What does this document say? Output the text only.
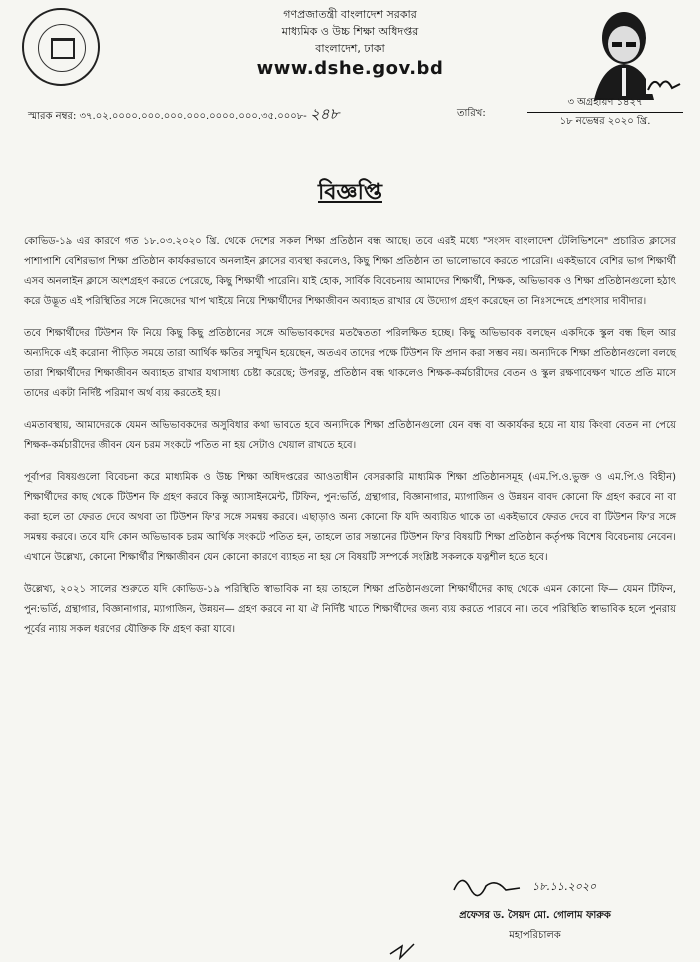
গণপ্রজাতন্ত্রী বাংলাদেশ সরকার
মাধ্যমিক ও উচ্চ শিক্ষা অধিদপ্তর
বাংলাদেশ, ঢাকা
www.dshe.gov.bd
স্মারক নম্বর: ৩৭.০২.০০০০.০০০.০০০.০০০.০০০০.০০০.৩৫.০০০৮- ২৪৮	তারিখ:
৩ অগ্রহায়ণ ১৪২৭
১৮ নভেম্বর ২০২০ খ্রি.
বিজ্ঞপ্তি

কোভিড-১৯ এর কারণে গত ১৮.০৩.২০২০ খ্রি. থেকে দেশের সকল শিক্ষা প্রতিষ্ঠান বন্ধ আছে। তবে এরই মধ্যে "সংসদ বাংলাদেশ টেলিভিশনে" প্রচারিত ক্লাসের পাশাপাশি বেশিরভাগ শিক্ষা প্রতিষ্ঠান কার্যকরভাবে অনলাইন ক্লাসের ব্যবস্থা করলেও, কিছু শিক্ষা প্রতিষ্ঠান তা ভালোভাবে করতে পারেনি। একইভাবে বেশির ভাগ শিক্ষার্থী এসব অনলাইন ক্লাসে অংশগ্রহণ করতে পেরেছে, কিছু শিক্ষার্থী পারেনি। যাই হোক, সার্বিক বিবেচনায় আমাদের শিক্ষার্থী, শিক্ষক, অভিভাবক ও শিক্ষা প্রতিষ্ঠানগুলো হঠাৎ করে উদ্ভূত এই পরিস্থিতির সঙ্গে নিজেদের খাপ খাইয়ে নিয়ে শিক্ষার্থীদের শিক্ষাজীবন অব্যাহত রাখার যে উদ্যোগ গ্রহণ করেছেন তা নিঃসন্দেহে প্রশংসার দাবীদার।

তবে শিক্ষার্থীদের টিউশন ফি নিয়ে কিছু কিছু প্রতিষ্ঠানের সঙ্গে অভিভাবকদের মতদ্বৈততা পরিলক্ষিত হচ্ছে। কিছু অভিভাবক বলছেন একদিকে স্কুল বন্ধ ছিল আর অন্যদিকে এই করোনা পীড়িত সময়ে তারা আর্থিক ক্ষতির সম্মুখিন হয়েছেন, অতএব তাদের পক্ষে টিউশন ফি প্রদান করা সম্ভব নয়। অন্যদিকে শিক্ষা প্রতিষ্ঠানগুলো বলছে তারা শিক্ষার্থীদের শিক্ষাজীবন অব্যাহত রাখার যথাসাধ্য চেষ্টা করেছে; উপরন্তু, প্রতিষ্ঠান বন্ধ থাকলেও শিক্ষক-কর্মচারীদের বেতন ও স্কুল রক্ষণাবেক্ষণ খাতে প্রতি মাসে তাদের একটা নির্দিষ্ট পরিমাণ অর্থ ব্যয় করতেই হয়।

এমতাবস্থায়, আমাদেরকে যেমন অভিভাবকদের অসুবিধার কথা ভাবতে হবে অন্যদিকে শিক্ষা প্রতিষ্ঠানগুলো যেন বন্ধ বা অকার্যকর হয়ে না যায় কিংবা বেতন না পেয়ে শিক্ষক-কর্মচারীদের জীবন যেন চরম সংকটে পতিত না হয় সেটাও খেয়াল রাখতে হবে।

পূর্বাপর বিষয়গুলো বিবেচনা করে মাধ্যমিক ও উচ্চ শিক্ষা অধিদপ্তরের আওতাধীন বেসরকারি মাধ্যমিক শিক্ষা প্রতিষ্ঠানসমূহ (এম.পি.ও.ভুক্ত ও এম.পি.ও বিহীন) শিক্ষার্থীদের কাছ থেকে টিউশন ফি গ্রহণ করবে কিন্তু অ্যাসাইনমেন্ট, টিফিন, পুন:ভর্তি, গ্রন্থাগার, বিজ্ঞানাগার, ম্যাগাজিন ও উন্নয়ন বাবদ কোনো ফি গ্রহণ করবে না বা করা হলে তা ফেরত দেবে অথবা তা টিউশন ফি'র সঙ্গে সমন্বয় করবে। এছাড়াও অন্য কোনো ফি যদি অব্যয়িত থাকে তা একইভাবে ফেরত দেবে বা টিউশন ফি'র সঙ্গে সমন্বয় করবে। তবে যদি কোন অভিভাবক চরম আর্থিক সংকটে পতিত হন, তাহলে তার সন্তানের টিউশন ফি'র বিষয়টি শিক্ষা প্রতিষ্ঠান কর্তৃপক্ষ বিশেষ বিবেচনায় নেবেন। এখানে উল্লেখ্য, কোনো শিক্ষার্থীর শিক্ষাজীবন যেন কোনো কারণে ব্যাহত না হয় সে বিষয়টি সম্পর্কে সংশ্লিষ্ট সকলকে যত্নশীল হতে হবে।

উল্লেখ্য, ২০২১ সালের শুরুতে যদি কোভিড-১৯ পরিস্থিতি স্বাভাবিক না হয় তাহলে শিক্ষা প্রতিষ্ঠানগুলো শিক্ষার্থীদের কাছ থেকে এমন কোনো ফি— যেমন টিফিন, পুন:ভর্তি, গ্রন্থাগার, বিজ্ঞানাগার, ম্যাগাজিন, উন্নয়ন— গ্রহণ করবে না যা ঐ নির্দিষ্ট খাতে শিক্ষার্থীদের জন্য ব্যয় করতে পারবে না। তবে পরিস্থিতি স্বাভাবিক হলে পুনরায় পূর্বের ন্যায় সকল ধরণের যৌক্তিক ফি গ্রহণ করা যাবে।

১৮.১১.২০২০
প্রফেসর ড. সৈয়দ মো. গোলাম ফারুক
মহাপরিচালক
